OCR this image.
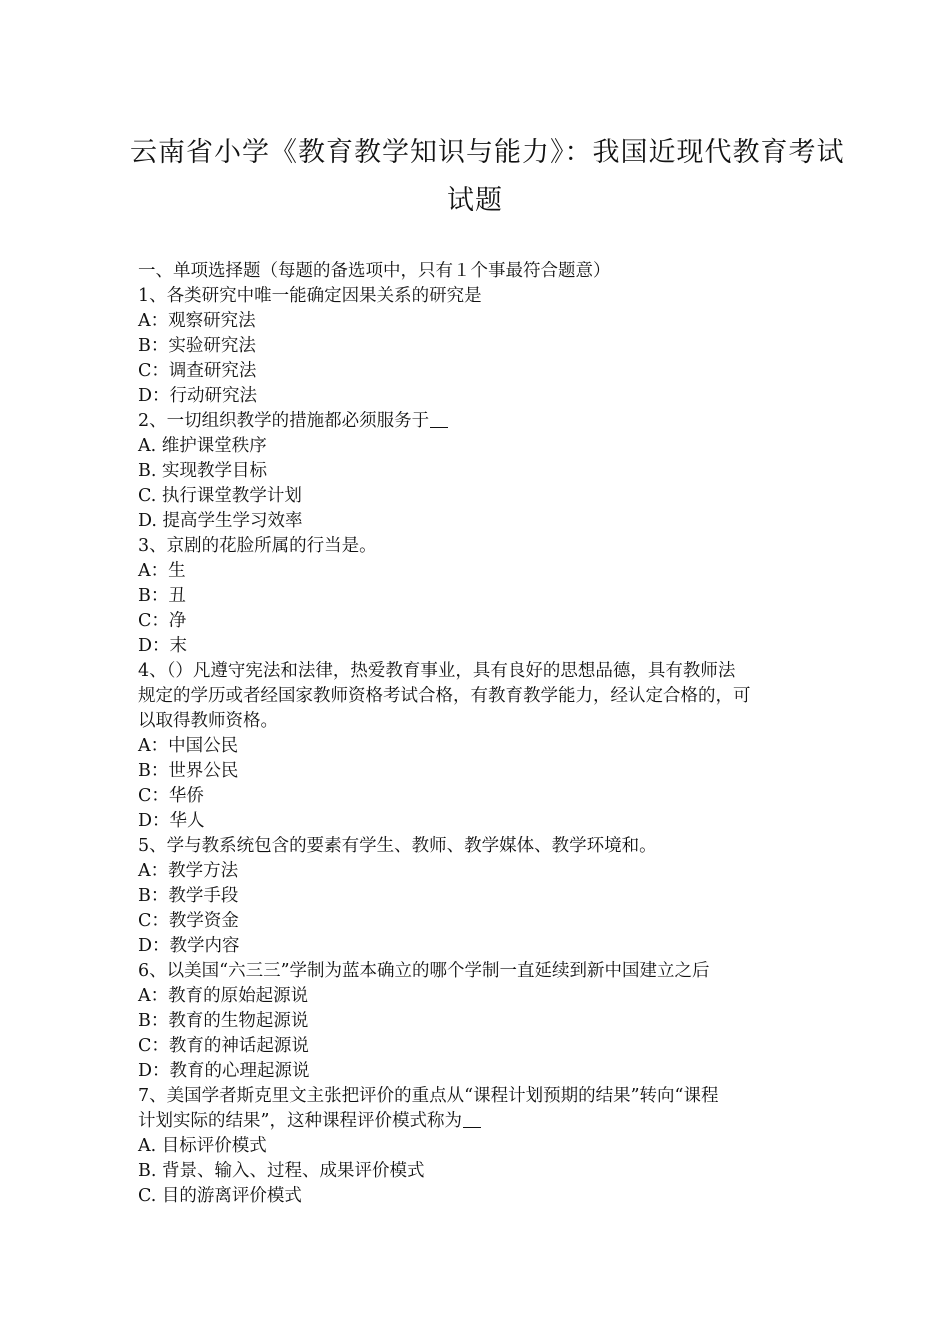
云南省小学《教育教学知识与能力》：我国近现代教育考试
试题
一、单项选择题（每题的备选项中，只有１个事最符合题意）
1、各类研究中唯一能确定因果关系的研究是
A：观察研究法
B：实验研究法
C：调查研究法
D：行动研究法
2、一切组织教学的措施都必须服务于
A. 维护课堂秩序
B. 实现教学目标
C. 执行课堂教学计划
D. 提高学生学习效率
3、京剧的花脸所属的行当是。
A：生
B：丑
C：净
D：末
4、（）凡遵守宪法和法律，热爱教育事业，具有良好的思想品德，具有教师法
规定的学历或者经国家教师资格考试合格，有教育教学能力，经认定合格的，可
以取得教师资格。
A：中国公民
B：世界公民
C：华侨
D：华人
5、学与教系统包含的要素有学生、教师、教学媒体、教学环境和。
A：教学方法
B：教学手段
C：教学资金
D：教学内容
6、以美国“六三三”学制为蓝本确立的哪个学制一直延续到新中国建立之后
A：教育的原始起源说
B：教育的生物起源说
C：教育的神话起源说
D：教育的心理起源说
7、美国学者斯克里文主张把评价的重点从“课程计划预期的结果”转向“课程
计划实际的结果”，这种课程评价模式称为
A. 目标评价模式
B. 背景、输入、过程、成果评价模式
C. 目的游离评价模式
